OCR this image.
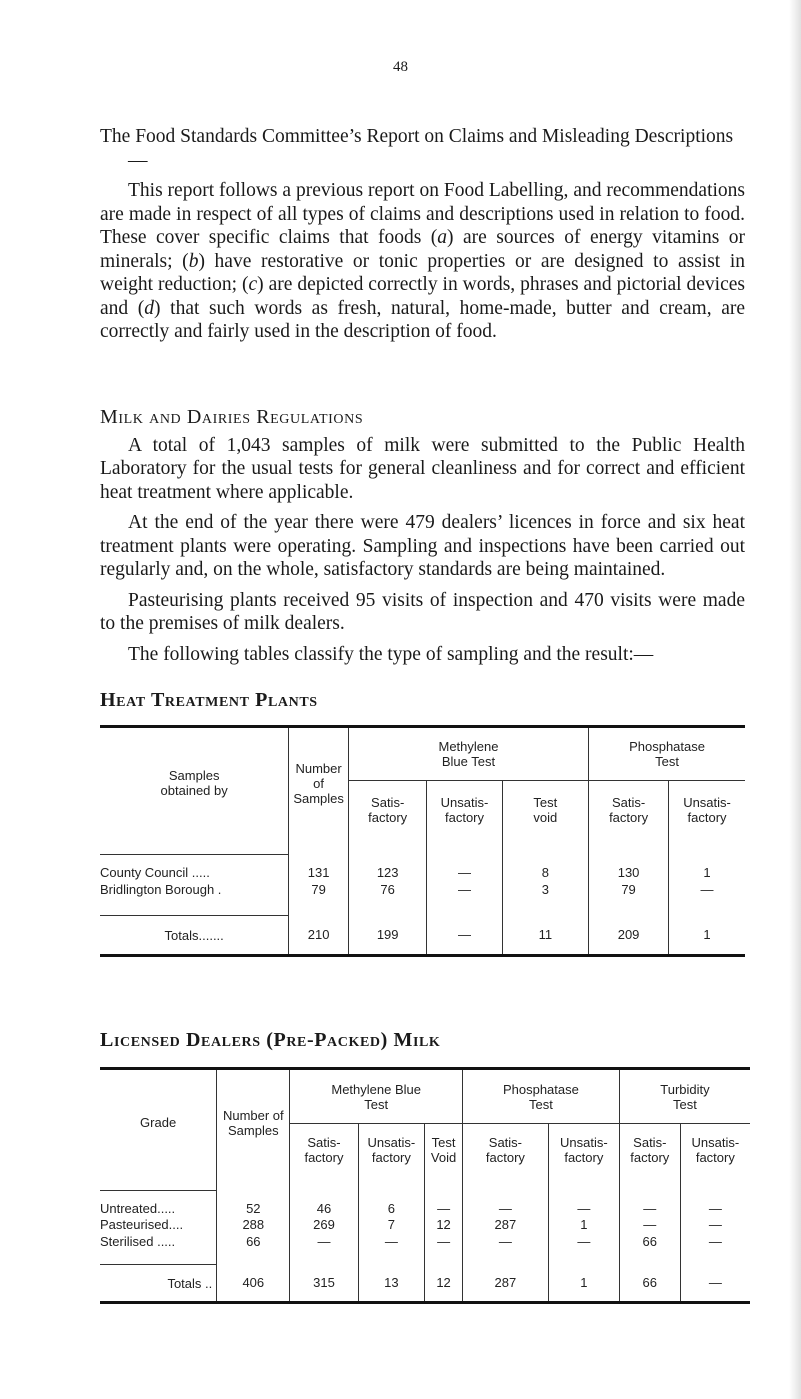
48

The Food Standards Committee’s Report on Claims and Misleading Descriptions—

This report follows a previous report on Food Labelling, and recommendations are made in respect of all types of claims and descriptions used in relation to food. These cover specific claims that foods (a) are sources of energy vitamins or minerals; (b) have restorative or tonic properties or are designed to assist in weight reduction; (c) are depicted correctly in words, phrases and pictorial devices and (d) that such words as fresh, natural, home-made, butter and cream, are correctly and fairly used in the description of food.

Milk and Dairies Regulations

A total of 1,043 samples of milk were submitted to the Public Health Laboratory for the usual tests for general cleanliness and for correct and efficient heat treatment where applicable.

At the end of the year there were 479 dealers’ licences in force and six heat treatment plants were operating. Sampling and inspections have been carried out regularly and, on the whole, satisfactory standards are being maintained.

Pasteurising plants received 95 visits of inspection and 470 visits were made to the premises of milk dealers.

The following tables classify the type of sampling and the result:—

Heat Treatment Plants
Samples obtained by	Number of Samples	Methylene Blue Test			Phosphatase Test	
		Satis- factory	Unsatis- factory	Test void	Satis- factory	Unsatis- factory

County Council .....	131	123	—	8	130	1
Bridlington Borough .	79	76	—	3	79	—

Totals.......	210	199	—	11	209	1
Licensed Dealers (Pre-Packed) Milk
Grade	Number of Samples	Methylene Blue Test			Phosphatase Test		Turbidity Test	
		Satis- factory	Unsatis- factory	Test Void	Satis- factory	Unsatis- factory	Satis- factory	Unsatis- factory

Untreated.....	52	46	6	—	—	—	—	—
Pasteurised....	288	269	7	12	287	1	—	—
Sterilised .....	66	—	—	—	—	—	66	—

Totals ..	406	315	13	12	287	1	66	—
